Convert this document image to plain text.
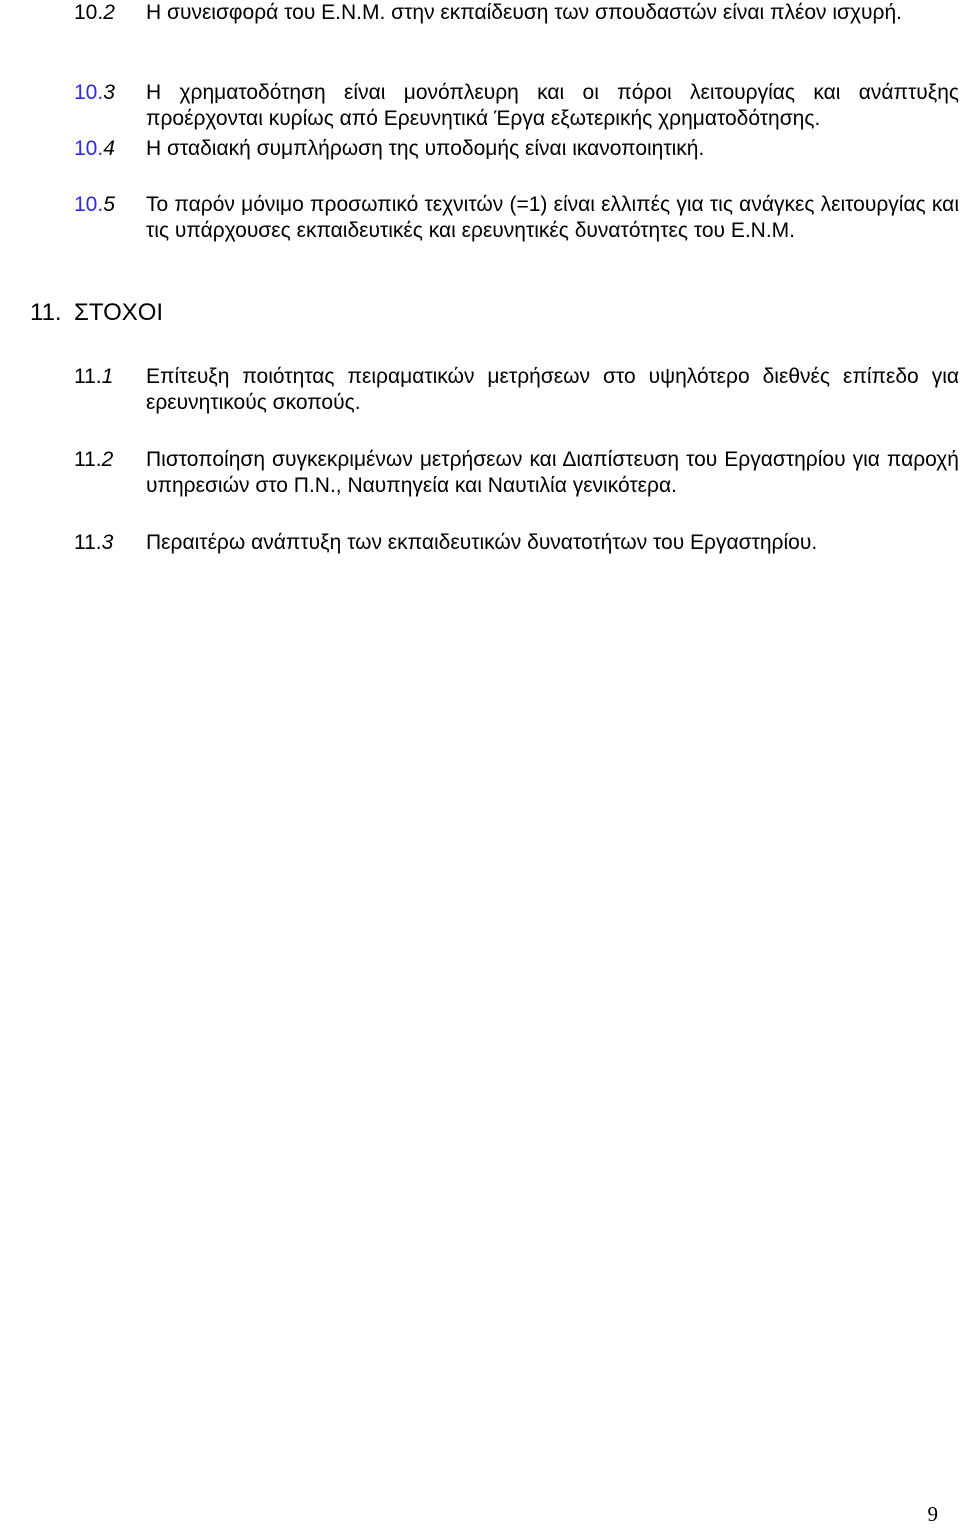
10.2	Η συνεισφορά του Ε.Ν.Μ. στην εκπαίδευση των σπουδαστών είναι πλέον ισχυρή.
10.3	Η χρηματοδότηση είναι μονόπλευρη και οι πόροι λειτουργίας και ανάπτυξης προέρχονται κυρίως από Ερευνητικά Έργα εξωτερικής χρηματοδότησης.
10.4	Η σταδιακή συμπλήρωση της υποδομής είναι ικανοποιητική.
10.5	Το παρόν μόνιμο προσωπικό τεχνιτών (=1) είναι ελλιπές για τις ανάγκες λειτουργίας και τις υπάρχουσες εκπαιδευτικές και ερευνητικές δυνατότητες του Ε.Ν.Μ.
11. ΣΤΟΧΟΙ
11.1	Επίτευξη ποιότητας πειραματικών μετρήσεων στο υψηλότερο διεθνές επίπεδο για ερευνητικούς σκοπούς.
11.2	Πιστοποίηση συγκεκριμένων μετρήσεων και Διαπίστευση του Εργαστηρίου για παροχή υπηρεσιών στο Π.Ν., Ναυπηγεία και Ναυτιλία γενικότερα.
11.3	Περαιτέρω ανάπτυξη των εκπαιδευτικών δυνατοτήτων του Εργαστηρίου.
9
